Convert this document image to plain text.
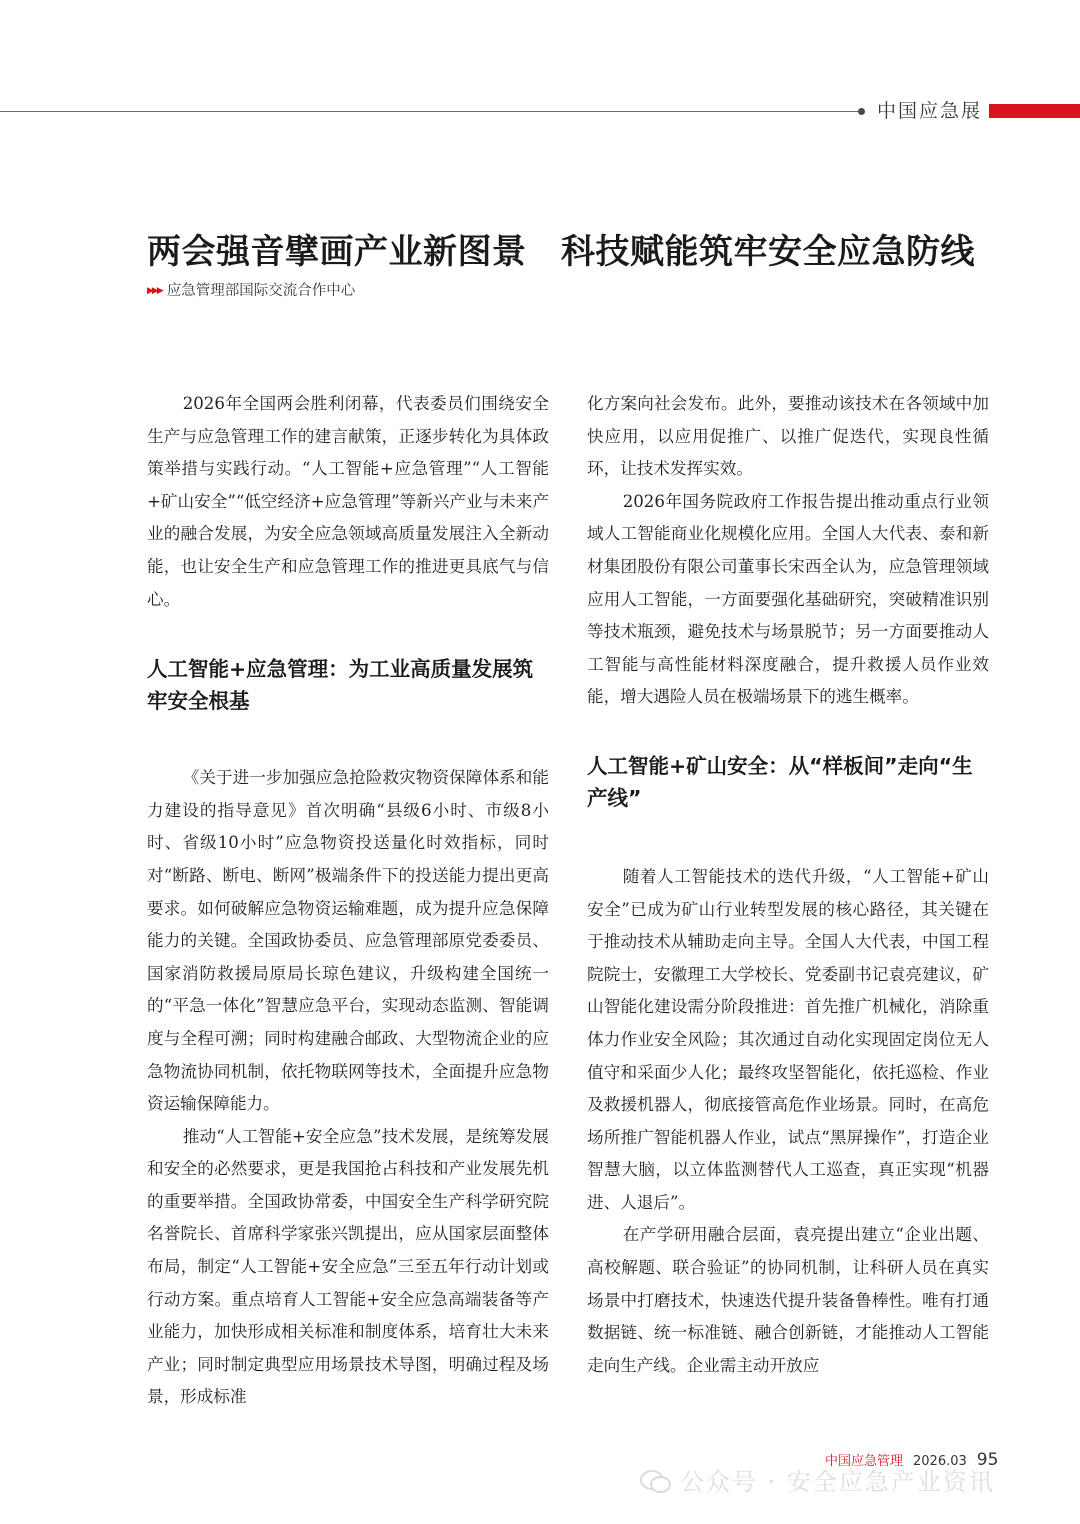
中国应急展
两会强音擘画产业新图景　科技赋能筑牢安全应急防线
▶▶▶ 应急管理部国际交流合作中心

2026年全国两会胜利闭幕，代表委员们围绕安全生产与应急管理工作的建言献策，正逐步转化为具体政策举措与实践行动。“人工智能+应急管理”“人工智能+矿山安全”“低空经济+应急管理”等新兴产业与未来产业的融合发展，为安全应急领域高质量发展注入全新动能，也让安全生产和应急管理工作的推进更具底气与信心。

人工智能+应急管理：为工业高质量发展筑牢安全根基

《关于进一步加强应急抢险救灾物资保障体系和能力建设的指导意见》首次明确“县级6小时、市级8小时、省级10小时”应急物资投送量化时效指标，同时对“断路、断电、断网”极端条件下的投送能力提出更高要求。如何破解应急物资运输难题，成为提升应急保障能力的关键。全国政协委员、应急管理部原党委委员、国家消防救援局原局长琼色建议，升级构建全国统一的“平急一体化”智慧应急平台，实现动态监测、智能调度与全程可溯；同时构建融合邮政、大型物流企业的应急物流协同机制，依托物联网等技术，全面提升应急物资运输保障能力。

推动“人工智能+安全应急”技术发展，是统筹发展和安全的必然要求，更是我国抢占科技和产业发展先机的重要举措。全国政协常委，中国安全生产科学研究院名誉院长、首席科学家张兴凯提出，应从国家层面整体布局，制定“人工智能+安全应急”三至五年行动计划或行动方案。重点培育人工智能+安全应急高端装备等产业能力，加快形成相关标准和制度体系，培育壮大未来产业；同时制定典型应用场景技术导图，明确过程及场景，形成标准

化方案向社会发布。此外，要推动该技术在各领域中加快应用，以应用促推广、以推广促迭代，实现良性循环，让技术发挥实效。

2026年国务院政府工作报告提出推动重点行业领域人工智能商业化规模化应用。全国人大代表、泰和新材集团股份有限公司董事长宋西全认为，应急管理领域应用人工智能，一方面要强化基础研究，突破精准识别等技术瓶颈，避免技术与场景脱节；另一方面要推动人工智能与高性能材料深度融合，提升救援人员作业效能，增大遇险人员在极端场景下的逃生概率。

人工智能+矿山安全：从“样板间”走向“生产线”

随着人工智能技术的迭代升级，“人工智能+矿山安全”已成为矿山行业转型发展的核心路径，其关键在于推动技术从辅助走向主导。全国人大代表，中国工程院院士，安徽理工大学校长、党委副书记袁亮建议，矿山智能化建设需分阶段推进：首先推广机械化，消除重体力作业安全风险；其次通过自动化实现固定岗位无人值守和采面少人化；最终攻坚智能化，依托巡检、作业及救援机器人，彻底接管高危作业场景。同时，在高危场所推广智能机器人作业，试点“黑屏操作”，打造企业智慧大脑，以立体监测替代人工巡查，真正实现“机器进、人退后”。

在产学研用融合层面，袁亮提出建立“企业出题、高校解题、联合验证”的协同机制，让科研人员在真实场景中打磨技术，快速迭代提升装备鲁棒性。唯有打通数据链、统一标准链、融合创新链，才能推动人工智能走向生产线。企业需主动开放应

中国应急管理 2026.03 95
公众号 · 安全应急产业资讯
